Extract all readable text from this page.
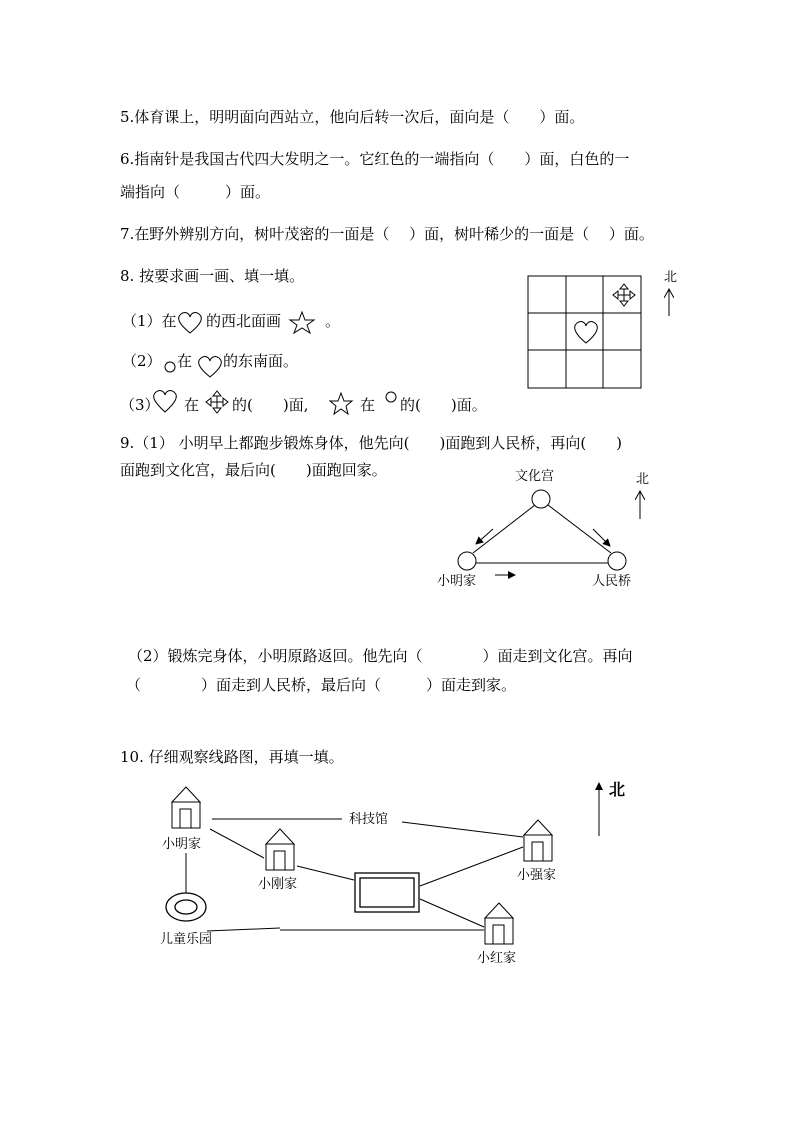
5.体育课上，明明面向西站立，他向后转一次后，面向是（　　）面。
6.指南针是我国古代四大发明之一。它红色的一端指向（　　）面，白色的一
端指向（　　　）面。
7.在野外辨别方向，树叶茂密的一面是（　 ）面，树叶稀少的一面是（　 ）面。
8. 按要求画一画、填一填。
（1）在 的西北面画	。
（2） 在 的东南面。
（3） 在 的(　　)面,	在 的(　　)面。
北
9.（1） 小明早上都跑步锻炼身体，他先向(　　)面跑到人民桥，再向(　　)
面跑到文化宫，最后向(　　)面跑回家。	文化宫
小明家	人民桥
北
（2）锻炼完身体，小明原路返回。他先向（　　　　）面走到文化宫。再向
（　　　　）面走到人民桥，最后向（　　　）面走到家。
10. 仔细观察线路图，再填一填。
北
小明家
科技馆
小刚家
小强家
儿童乐园
小红家
